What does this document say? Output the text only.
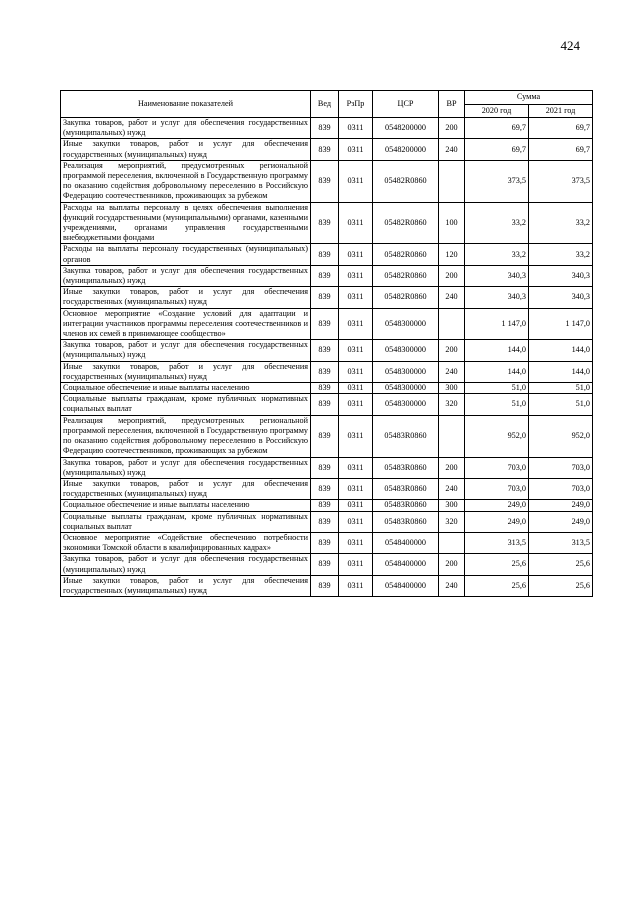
424
Наименование показателей	Вед	РзПр	ЦСР	ВР	Сумма	
					2020 год	2021 год
Закупка товаров, работ и услуг для обеспечения государственных (муниципальных) нужд	839	0311	0548200000	200	69,7	69,7
Иные закупки товаров, работ и услуг для обеспечения государственных (муниципальных) нужд	839	0311	0548200000	240	69,7	69,7
Реализация мероприятий, предусмотренных региональной программой переселения, включенной в Государственную программу по оказанию содействия добровольному переселению в Российскую Федерацию соотечественников, проживающих за рубежом	839	0311	05482R0860		373,5	373,5
Расходы на выплаты персоналу в целях обеспечения выполнения функций государственными (муниципальными) органами, казенными учреждениями, органами управления государственными внебюджетными фондами	839	0311	05482R0860	100	33,2	33,2
Расходы на выплаты персоналу государственных (муниципальных) органов	839	0311	05482R0860	120	33,2	33,2
Закупка товаров, работ и услуг для обеспечения государственных (муниципальных) нужд	839	0311	05482R0860	200	340,3	340,3
Иные закупки товаров, работ и услуг для обеспечения государственных (муниципальных) нужд	839	0311	05482R0860	240	340,3	340,3
Основное мероприятие «Создание условий для адаптации и интеграции участников программы переселения соотечественников и членов их семей в принимающее сообщество»	839	0311	0548300000		1 147,0	1 147,0
Закупка товаров, работ и услуг для обеспечения государственных (муниципальных) нужд	839	0311	0548300000	200	144,0	144,0
Иные закупки товаров, работ и услуг для обеспечения государственных (муниципальных) нужд	839	0311	0548300000	240	144,0	144,0
Социальное обеспечение и иные выплаты населению	839	0311	0548300000	300	51,0	51,0
Социальные выплаты гражданам, кроме публичных нормативных социальных выплат	839	0311	0548300000	320	51,0	51,0
Реализация мероприятий, предусмотренных региональной программой переселения, включенной в Государственную программу по оказанию содействия добровольному переселению в Российскую Федерацию соотечественников, проживающих за рубежом	839	0311	05483R0860		952,0	952,0
Закупка товаров, работ и услуг для обеспечения государственных (муниципальных) нужд	839	0311	05483R0860	200	703,0	703,0
Иные закупки товаров, работ и услуг для обеспечения государственных (муниципальных) нужд	839	0311	05483R0860	240	703,0	703,0
Социальное обеспечение и иные выплаты населению	839	0311	05483R0860	300	249,0	249,0
Социальные выплаты гражданам, кроме публичных нормативных социальных выплат	839	0311	05483R0860	320	249,0	249,0
Основное мероприятие «Содействие обеспечению потребности экономики Томской области в квалифицированных кадрах»	839	0311	0548400000		313,5	313,5
Закупка товаров, работ и услуг для обеспечения государственных (муниципальных) нужд	839	0311	0548400000	200	25,6	25,6
Иные закупки товаров, работ и услуг для обеспечения государственных (муниципальных) нужд	839	0311	0548400000	240	25,6	25,6
